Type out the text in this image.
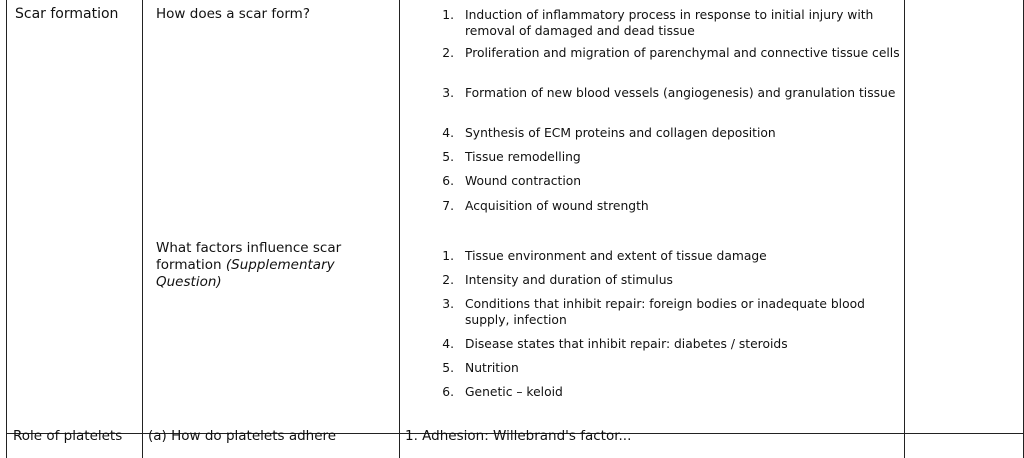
Scar formation	How does a scar form?
What factors influence scar formation (Supplementary Question)
1. Induction of inflammatory process in response to initial injury with removal of damaged and dead tissue
2. Proliferation and migration of parenchymal and connective tissue cells
3. Formation of new blood vessels (angiogenesis) and granulation tissue
4. Synthesis of ECM proteins and collagen deposition
5. Tissue remodelling
6. Wound contraction
7. Acquisition of wound strength
1. Tissue environment and extent of tissue damage
2. Intensity and duration of stimulus
3. Conditions that inhibit repair: foreign bodies or inadequate blood supply, infection
4. Disease states that inhibit repair: diabetes / steroids
5. Nutrition
6. Genetic – keloid
Role of platelets (a) How do platelets adhere	1. Adhesion: Willebrand's factor...
